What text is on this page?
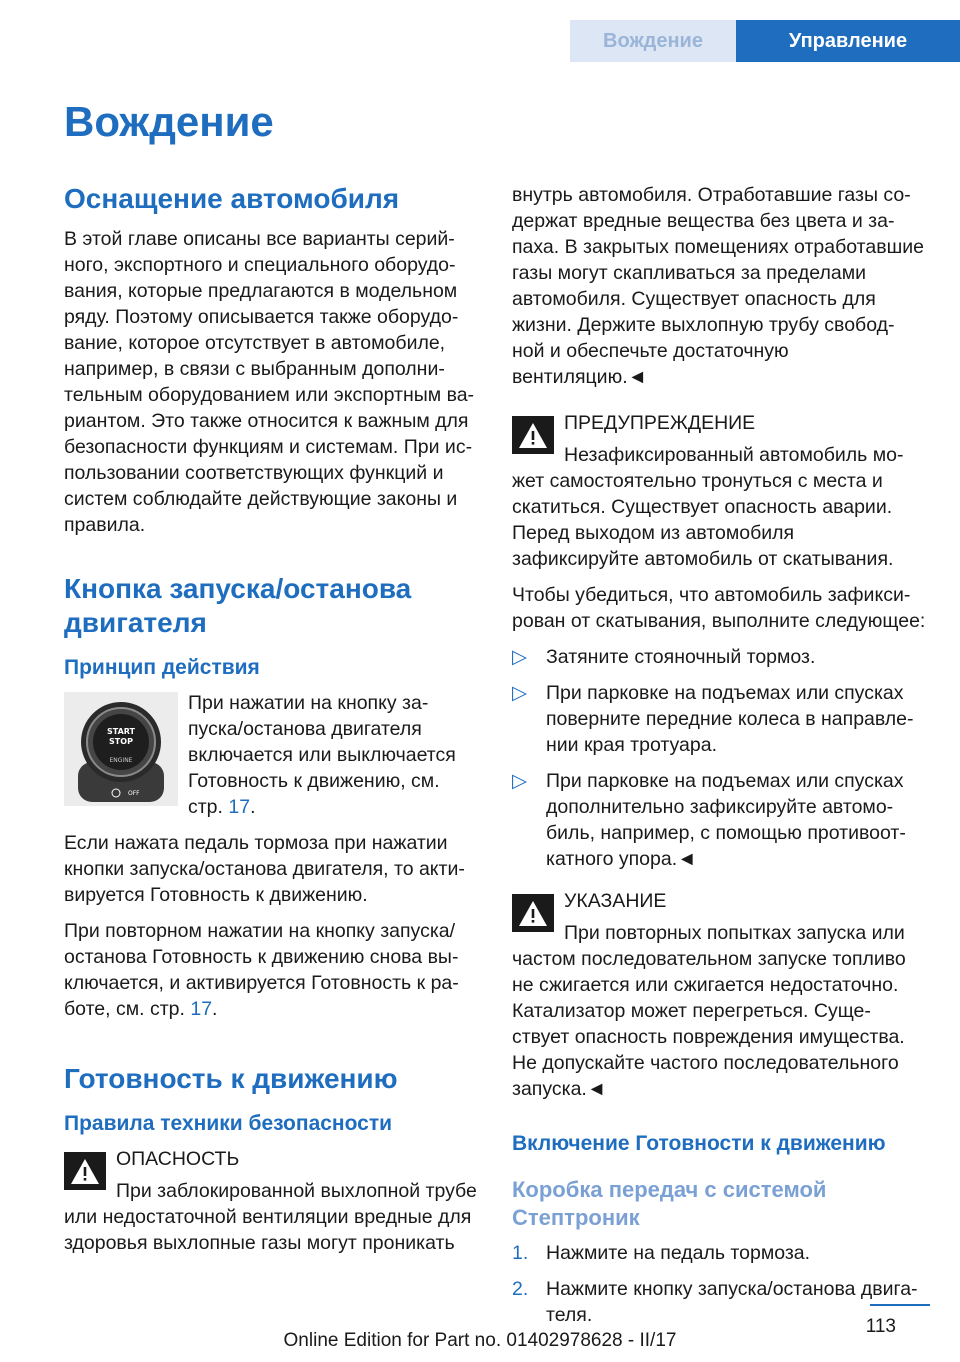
Вождение	Управление
Вождение
Оснащение автомобиля

В этой главе описаны все варианты серий- ного, экспортного и специального оборудо- вания, которые предлагаются в модельном ряду. Поэтому описывается также оборудо- вание, которое отсутствует в автомобиле, например, в связи с выбранным дополни- тельным оборудованием или экспортным ва- риантом. Это также относится к важным для безопасности функциям и системам. При ис- пользовании соответствующих функций и систем соблюдайте действующие законы и правила.

Кнопка запуска/останова двигателя
Принцип действия
START
STOP
ENGINE
OFF

При нажатии на кнопку за- пуска/останова двигателя включается или выключается Готовность к движению, см. стр. 17.

Если нажата педаль тормоза при нажатии кнопки запуска/останова двигателя, то акти- вируется Готовность к движению.

При повторном нажатии на кнопку запуска/ останова Готовность к движению снова вы- ключается, и активируется Готовность к ра- боте, см. стр. 17.

Готовность к движению
Правила техники безопасности
ОПАСНОСТЬ

При заблокированной выхлопной трубе или недостаточной вентиляции вредные для здоровья выхлопные газы могут проникать

внутрь автомобиля. Отработавшие газы со- держат вредные вещества без цвета и за- паха. В закрытых помещениях отработавшие газы могут скапливаться за пределами автомобиля. Существует опасность для жизни. Держите выхлопную трубу свобод- ной и обеспечьте достаточную вентиляцию.◄

ПРЕДУПРЕЖДЕНИЕ

Незафиксированный автомобиль мо- жет самостоятельно тронуться с места и скатиться. Существует опасность аварии. Перед выходом из автомобиля зафиксируйте автомобиль от скатывания.

Чтобы убедиться, что автомобиль зафикси- рован от скатывания, выполните следующее:

▷ Затяните стояночный тормоз.
▷ При парковке на подъемах или спусках поверните передние колеса в направле- нии края тротуара.
▷ При парковке на подъемах или спусках дополнительно зафиксируйте автомо- биль, например, с помощью противоот- катного упора.◄
УКАЗАНИЕ

При повторных попытках запуска или частом последовательном запуске топливо не сжигается или сжигается недостаточно. Катализатор может перегреться. Суще- ствует опасность повреждения имущества. Не допускайте частого последовательного запуска.◄

Включение Готовности к движению
Коробка передач с системой Стептроник
1. Нажмите на педаль тормоза.
2. Нажмите кнопку запуска/останова двига- теля.
113
Online Edition for Part no. 01402978628 - II/17
